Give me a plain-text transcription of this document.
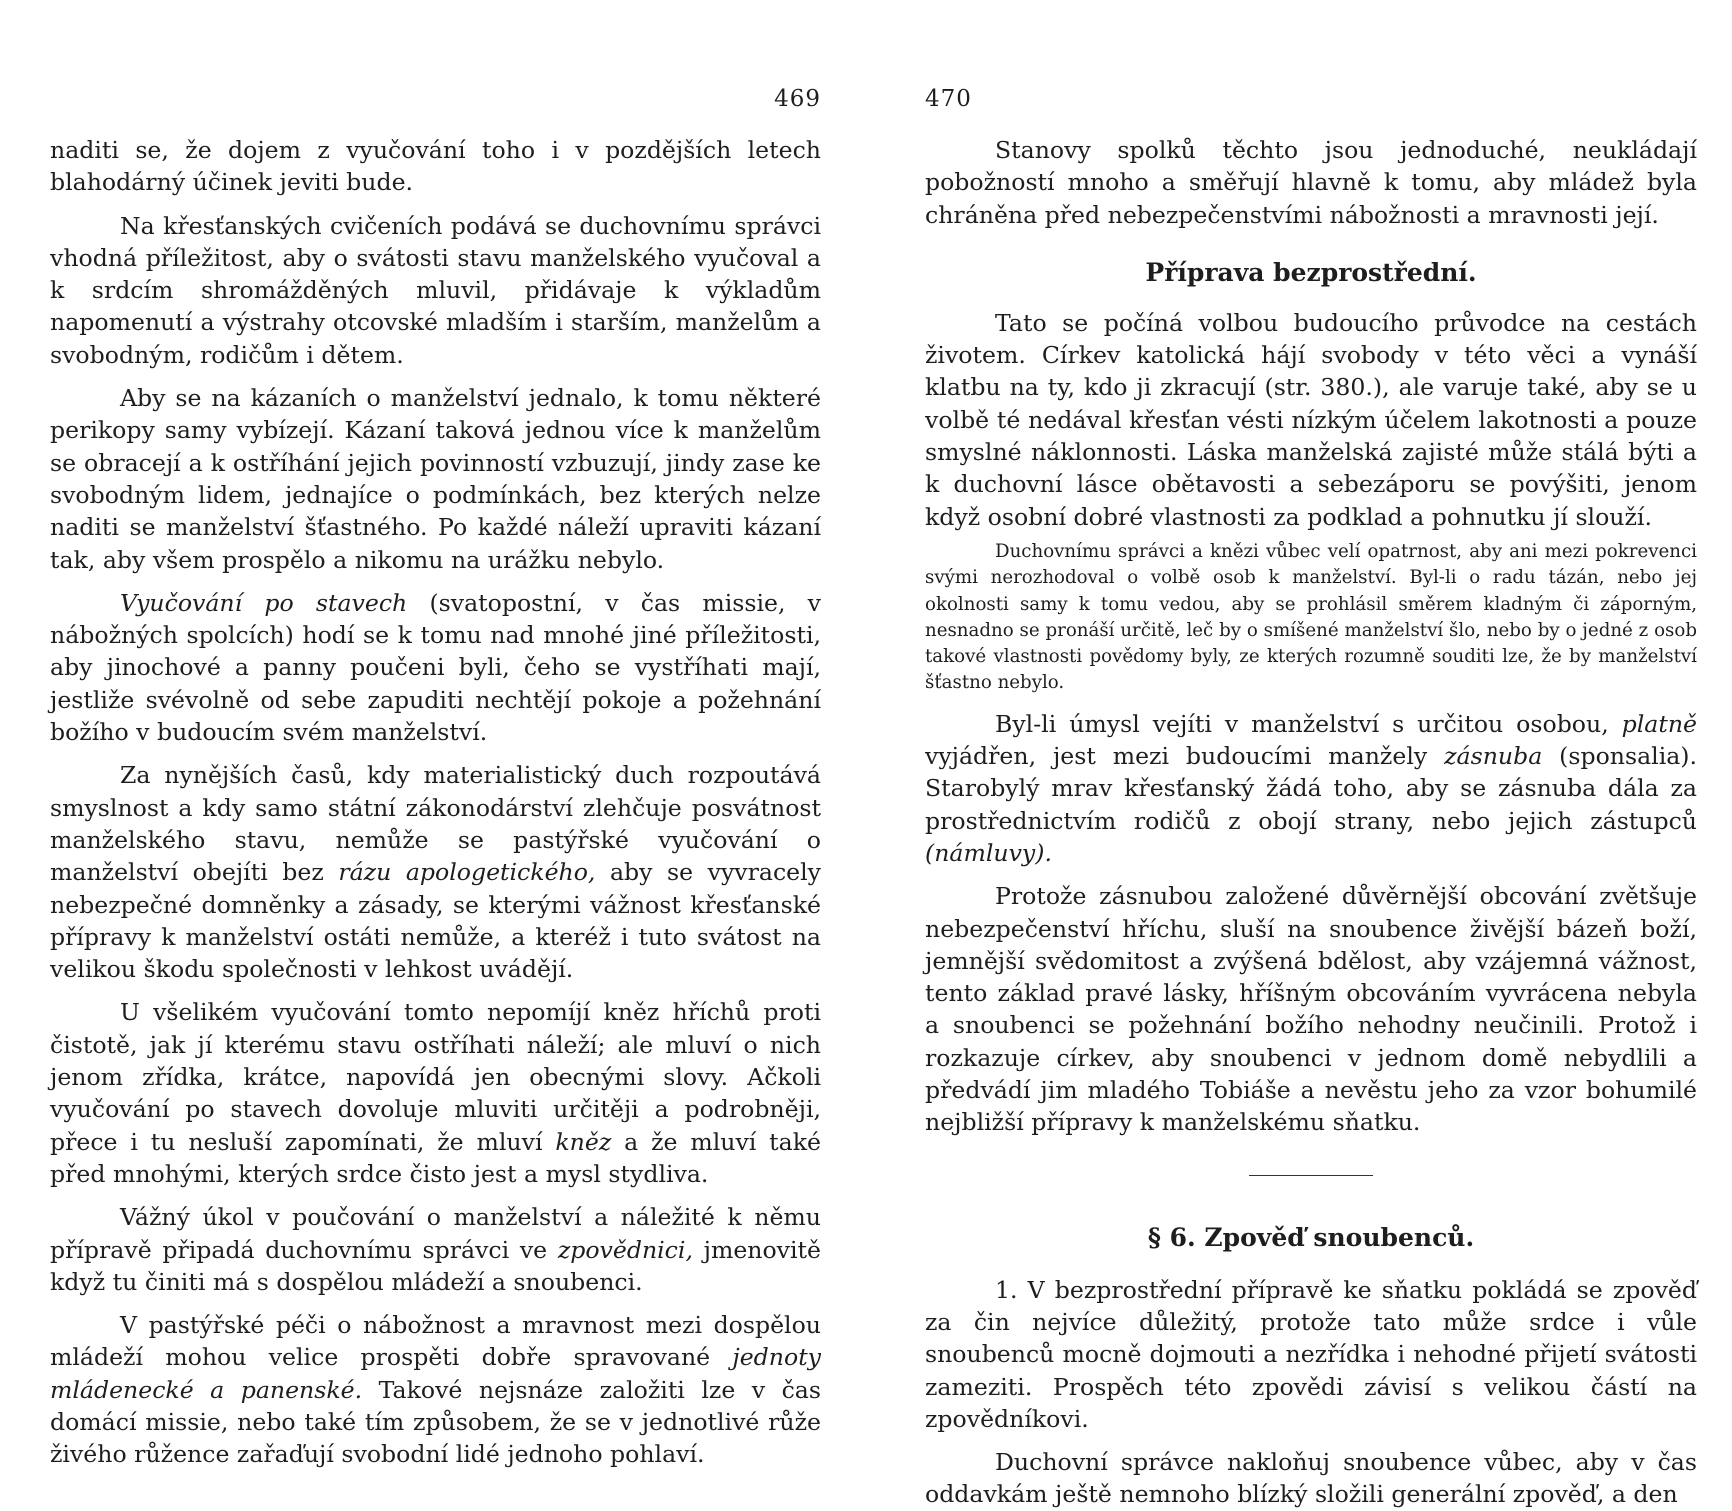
469

naditi se, že dojem z vyučování toho i v pozdějších letech blahodárný účinek jeviti bude.

Na křesťanských cvičeních podává se duchovnímu správci vhodná příležitost, aby o svátosti stavu manželského vyučoval a k srdcím shromážděných mluvil, přidávaje k výkladům napomenutí a výstrahy otcovské mladším i starším, manželům a svobodným, rodičům i dětem.

Aby se na kázaních o manželství jednalo, k tomu některé perikopy samy vybízejí. Kázaní taková jednou více k manželům se obracejí a k ostříhání jejich povinností vzbuzují, jindy zase ke svobodným lidem, jednajíce o podmínkách, bez kterých nelze naditi se manželství šťastného. Po každé náleží upraviti kázaní tak, aby všem prospělo a nikomu na urážku nebylo.

Vyučování po stavech (svatopostní, v čas missie, v nábožných spolcích) hodí se k tomu nad mnohé jiné příležitosti, aby jinochové a panny poučeni byli, čeho se vystříhati mají, jestliže svévolně od sebe zapuditi nechtějí pokoje a požehnání božího v budoucím svém manželství.

Za nynějších časů, kdy materialistický duch rozpoutává smyslnost a kdy samo státní zákonodárství zlehčuje posvátnost manželského stavu, nemůže se pastýřské vyučování o manželství obejíti bez rázu apologetického, aby se vyvracely nebezpečné domněnky a zásady, se kterými vážnost křesťanské přípravy k manželství ostáti nemůže, a kteréž i tuto svátost na velikou škodu společnosti v lehkost uvádějí.

U všelikém vyučování tomto nepomíjí kněz hříchů proti čistotě, jak jí kterému stavu ostříhati náleží; ale mluví o nich jenom zřídka, krátce, napovídá jen obecnými slovy. Ačkoli vyučování po stavech dovoluje mluviti určitěji a podrobněji, přece i tu nesluší zapomínati, že mluví kněz a že mluví také před mnohými, kterých srdce čisto jest a mysl stydliva.

Vážný úkol v poučování o manželství a náležité k němu přípravě připadá duchovnímu správci ve zpovědnici, jmenovitě když tu činiti má s dospělou mládeží a snoubenci.

V pastýřské péči o nábožnost a mravnost mezi dospělou mládeží mohou velice prospěti dobře spravované jednoty mládenecké a panenské. Takové nejsnáze založiti lze v čas domácí missie, nebo také tím způsobem, že se v jednotlivé růže živého růžence zařaďují svobodní lidé jednoho pohlaví.

470

Stanovy spolků těchto jsou jednoduché, neukládají pobožností mnoho a směřují hlavně k tomu, aby mládež byla chráněna před nebezpečenstvími nábožnosti a mravnosti její.

Příprava bezprostřední.

Tato se počíná volbou budoucího průvodce na cestách životem. Církev katolická hájí svobody v této věci a vynáší klatbu na ty, kdo ji zkracují (str. 380.), ale varuje také, aby se u volbě té nedával křesťan vésti nízkým účelem lakotnosti a pouze smyslné náklonnosti. Láska manželská zajisté může stálá býti a k duchovní lásce obětavosti a sebezáporu se povýšiti, jenom když osobní dobré vlastnosti za podklad a pohnutku jí slouží.

Duchovnímu správci a knězi vůbec velí opatrnost, aby ani mezi pokrevenci svými nerozhodoval o volbě osob k manželství. Byl-li o radu tázán, nebo jej okolnosti samy k tomu vedou, aby se prohlásil směrem kladným či záporným, nesnadno se pronáší určitě, leč by o smíšené manželství šlo, nebo by o jedné z osob takové vlastnosti povědomy byly, ze kterých rozumně souditi lze, že by manželství šťastno nebylo.

Byl-li úmysl vejíti v manželství s určitou osobou, platně vyjádřen, jest mezi budoucími manžely zásnuba (sponsalia). Starobylý mrav křesťanský žádá toho, aby se zásnuba dála za prostřednictvím rodičů z obojí strany, nebo jejich zástupců (námluvy).

Protože zásnubou založené důvěrnější obcování zvětšuje nebezpečenství hříchu, sluší na snoubence živější bázeň boží, jemnější svědomitost a zvýšená bdělost, aby vzájemná vážnost, tento základ pravé lásky, hříšným obcováním vyvrácena nebyla a snoubenci se požehnání božího nehodny neučinili. Protož i rozkazuje církev, aby snoubenci v jednom domě nebydlili a předvádí jim mladého Tobiáše a nevěstu jeho za vzor bohumilé nejbližší přípravy k manželskému sňatku.

§ 6. Zpověď snoubenců.

1. V bezprostřední přípravě ke sňatku pokládá se zpověď za čin nejvíce důležitý, protože tato může srdce i vůle snoubenců mocně dojmouti a nezřídka i nehodné přijetí svátosti zameziti. Prospěch této zpovědi závisí s velikou částí na zpovědníkovi.

Duchovní správce nakloňuj snoubence vůbec, aby v čas oddavkám ještě nemnoho blízký složili generální zpověď, a den
